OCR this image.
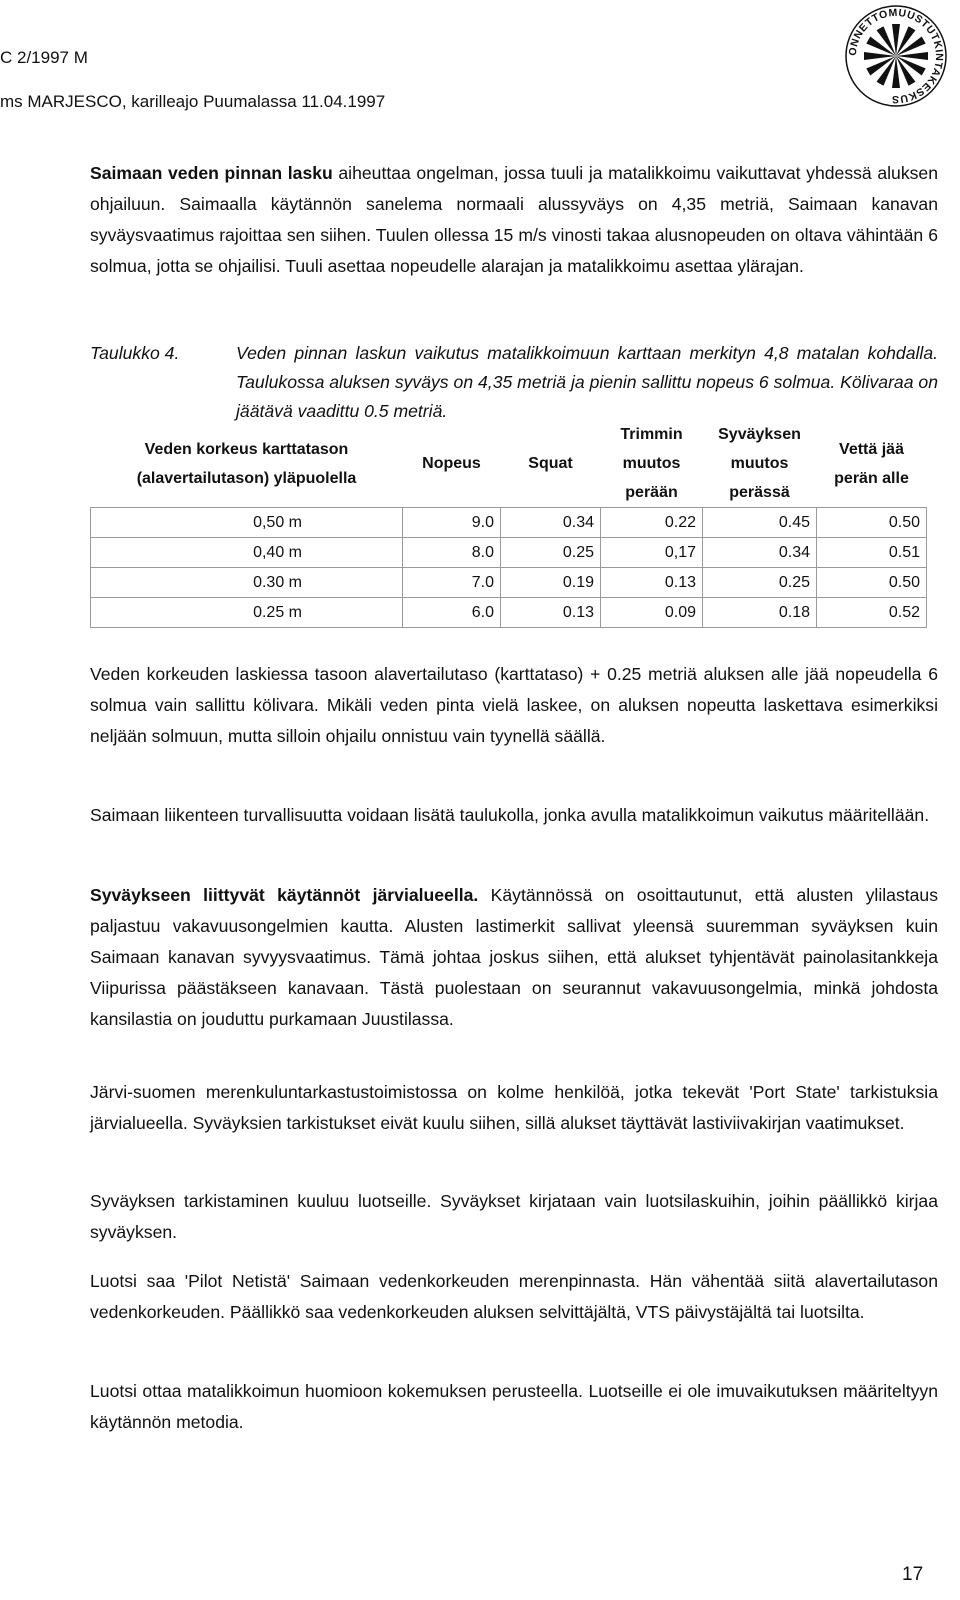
C 2/1997 M
ms MARJESCO, karilleajo Puumalassa 11.04.1997
ONNETTOMUUSTUTKINTAKESKUS

Saimaan veden pinnan lasku aiheuttaa ongelman, jossa tuuli ja matalikkoimu vaikuttavat yhdessä aluksen ohjailuun. Saimaalla käytännön sanelema normaali alussyväys on 4,35 metriä, Saimaan kanavan syväysvaatimus rajoittaa sen siihen. Tuulen ollessa 15 m/s vinosti takaa alusnopeuden on oltava vähintään 6 solmua, jotta se ohjailisi. Tuuli asettaa nopeudelle alarajan ja matalikkoimu asettaa ylärajan.

Taulukko 4.	Veden pinnan laskun vaikutus matalikkoimuun karttaan merkityn 4,8 matalan kohdalla. Taulukossa aluksen syväys on 4,35 metriä ja pienin sallittu nopeus 6 solmua. Kölivaraa on jäätävä vaadittu 0.5 metriä.
Veden korkeus karttatason (alavertailutason) yläpuolella	Nopeus	Squat	Trimmin muutos perään	Syväyksen muutos perässä	Vettä jää perän alle
0,50 m	9.0	0.34	0.22	0.45	0.50
0,40 m	8.0	0.25	0,17	0.34	0.51
0.30 m	7.0	0.19	0.13	0.25	0.50
0.25 m	6.0	0.13	0.09	0.18	0.52

Veden korkeuden laskiessa tasoon alavertailutaso (karttataso) + 0.25 metriä aluksen alle jää nopeudella 6 solmua vain sallittu kölivara. Mikäli veden pinta vielä laskee, on aluksen nopeutta laskettava esimerkiksi neljään solmuun, mutta silloin ohjailu onnistuu vain tyynellä säällä.

Saimaan liikenteen turvallisuutta voidaan lisätä taulukolla, jonka avulla matalikkoimun vaikutus määritellään.

Syväykseen liittyvät käytännöt järvialueella. Käytännössä on osoittautunut, että alusten ylilastaus paljastuu vakavuusongelmien kautta. Alusten lastimerkit sallivat yleensä suuremman syväyksen kuin Saimaan kanavan syvyysvaatimus. Tämä johtaa joskus siihen, että alukset tyhjentävät painolasitankkeja Viipurissa päästäkseen kanavaan. Tästä puolestaan on seurannut vakavuusongelmia, minkä johdosta kansilastia on jouduttu purkamaan Juustilassa.

Järvi-suomen merenkuluntarkastustoimistossa on kolme henkilöä, jotka tekevät 'Port State' tarkistuksia järvialueella. Syväyksien tarkistukset eivät kuulu siihen, sillä alukset täyttävät lastiviivakirjan vaatimukset.

Syväyksen tarkistaminen kuuluu luotseille. Syväykset kirjataan vain luotsilaskuihin, joihin päällikkö kirjaa syväyksen.

Luotsi saa 'Pilot Netistä' Saimaan vedenkorkeuden merenpinnasta. Hän vähentää siitä alavertailutason vedenkorkeuden. Päällikkö saa vedenkorkeuden aluksen selvittäjältä, VTS päivystäjältä tai luotsilta.

Luotsi ottaa matalikkoimun huomioon kokemuksen perusteella. Luotseille ei ole imuvaikutuksen määriteltyyn käytännön metodia.

17
